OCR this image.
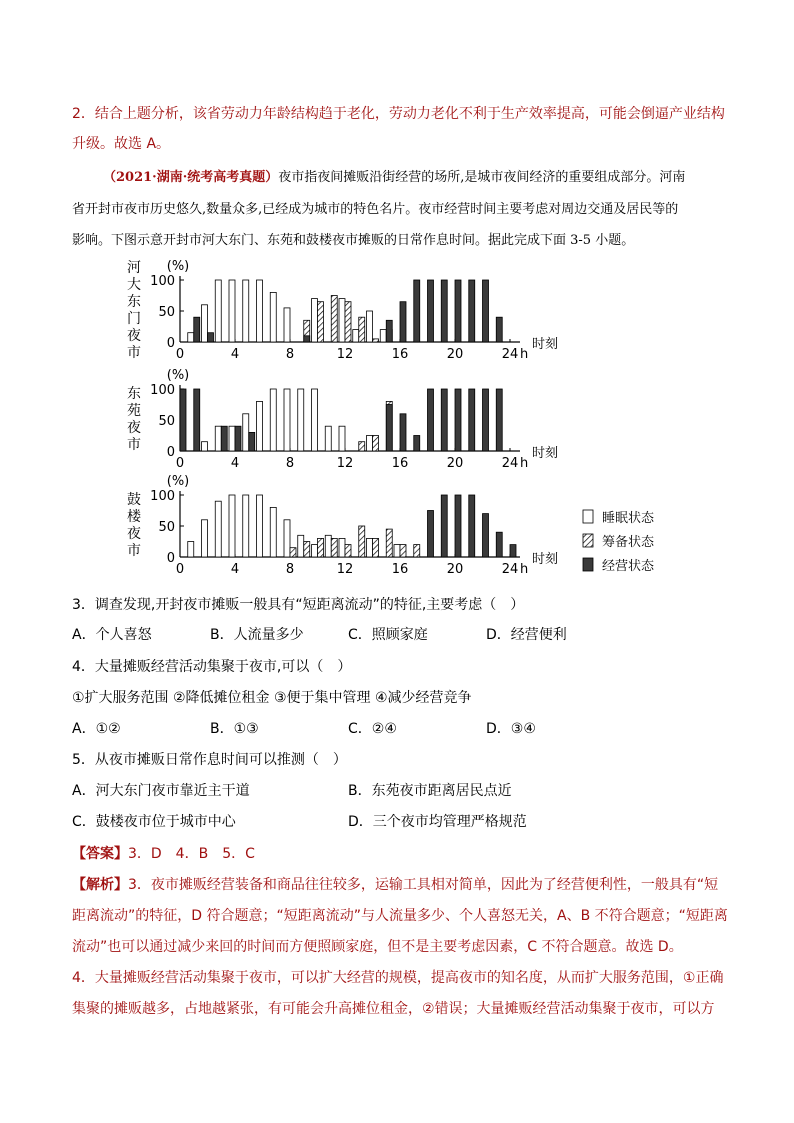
2．结合上题分析，该省劳动力年龄结构趋于老化，劳动力老化不利于生产效率提高，可能会倒逼产业结构
升级。故选 A。
（2021·湖南·统考高考真题）夜市指夜间摊贩沿街经营的场所,是城市夜间经济的重要组成部分。河南
省开封市夜市历史悠久,数量众多,已经成为城市的特色名片。夜市经营时间主要考虑对周边交通及居民等的
影响。下图示意开封市河大东门、东苑和鼓楼夜市摊贩的日常作息时间。据此完成下面 3-5 小题。
0
50
100
(%)
0	4	8	12	16	20	24 h
时刻
河大东门夜市
0
50
100
(%)
0	4	8	12	16	20	24 h
时刻
东苑夜市
0
50
100
(%)
0	4	8	12	16	20	24 h
时刻
鼓楼夜市
睡眠状态
筹备状态
经营状态
3．调查发现,开封夜市摊贩一般具有“短距离流动”的特征,主要考虑（　）
A．个人喜怒	B．人流量多少	C．照顾家庭	D．经营便利
4．大量摊贩经营活动集聚于夜市,可以（　）
①扩大服务范围 ②降低摊位租金 ③便于集中管理 ④减少经营竞争
A．①②	B．①③	C．②④	D．③④
5．从夜市摊贩日常作息时间可以推测（　）
A．河大东门夜市靠近主干道	B．东苑夜市距离居民点近
C．鼓楼夜市位于城市中心	D．三个夜市均管理严格规范
【答案】3．D　4．B　5．C
【解析】3．夜市摊贩经营装备和商品往往较多，运输工具相对简单，因此为了经营便利性，一般具有“短
距离流动”的特征，D 符合题意；“短距离流动”与人流量多少、个人喜怒无关，A、B 不符合题意；“短距离
流动”也可以通过减少来回的时间而方便照顾家庭，但不是主要考虑因素，C 不符合题意。故选 D。
4．大量摊贩经营活动集聚于夜市，可以扩大经营的规模，提高夜市的知名度，从而扩大服务范围，①正确
集聚的摊贩越多，占地越紧张，有可能会升高摊位租金，②错误；大量摊贩经营活动集聚于夜市，可以方
